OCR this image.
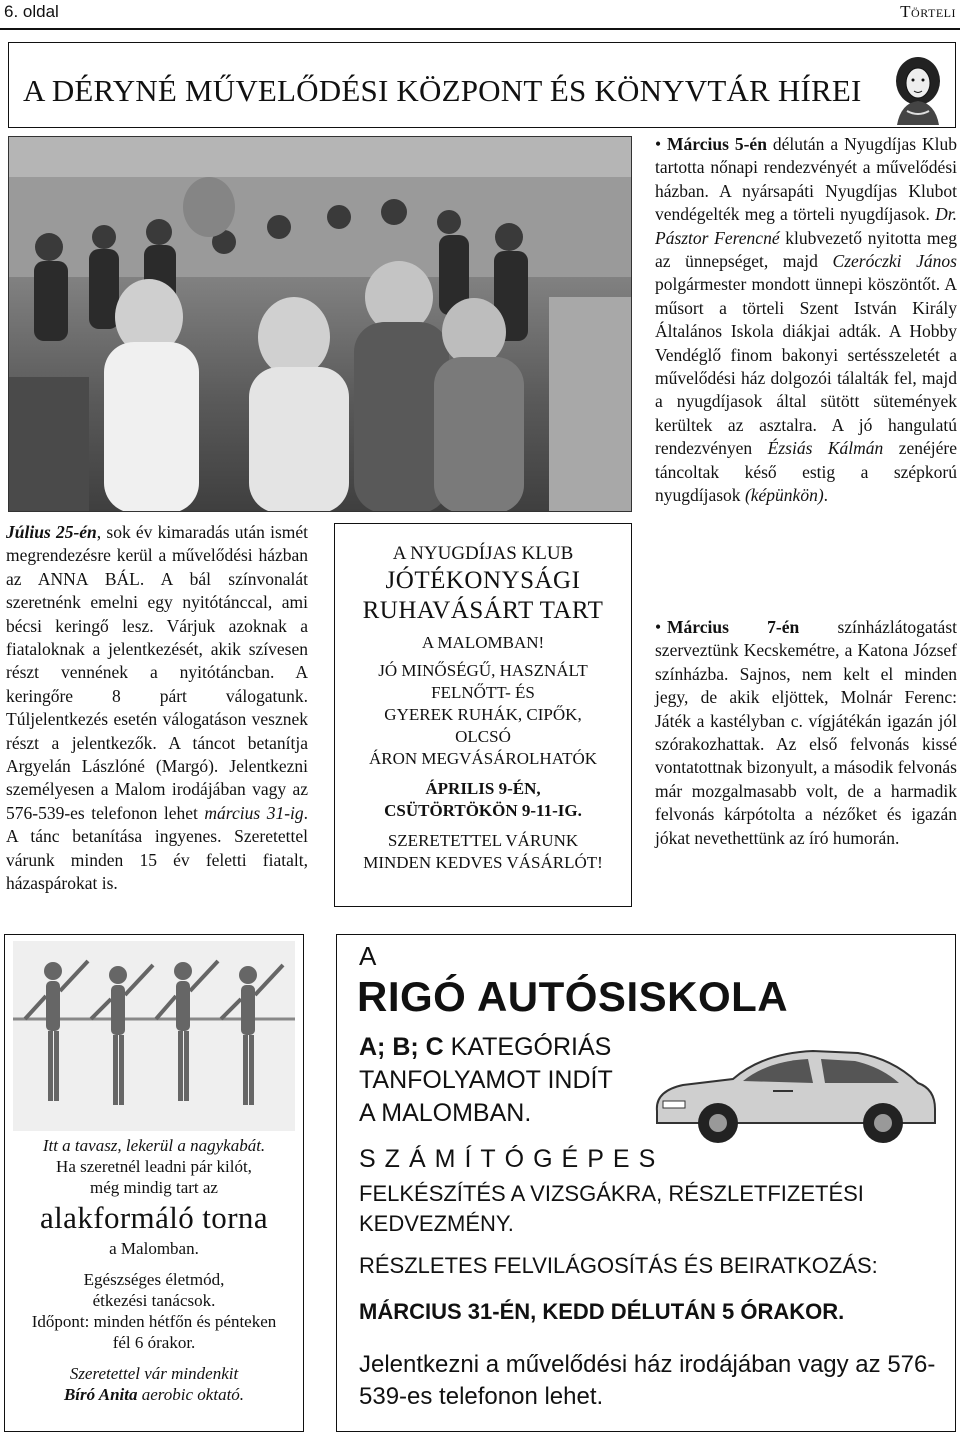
6. oldal	Törteli
A DÉRYNÉ MŰVELŐDÉSI KÖZPONT ÉS KÖNYVTÁR HÍREI
Július 25-én, sok év kimaradás után ismét megrendezésre kerül a művelődési házban az ANNA BÁL. A bál színvonalát szeretnénk emelni egy nyitótánccal, ami bécsi keringő lesz. Várjuk azoknak a fiataloknak a jelentkezését, akik szívesen részt vennének a nyitótáncban. A keringőre 8 párt válogatunk. Túljelentkezés esetén válogatáson vesznek részt a jelentkezők. A táncot betanítja Argyelán Lászlóné (Margó). Jelentkezni személyesen a Malom irodájában vagy az 576-539-es telefonon lehet március 31-ig. A tánc betanítása ingyenes. Szeretettel várunk minden 15 év feletti fiatalt, házaspárokat is.
A NYUGDÍJAS KLUB
JÓTÉKONYSÁGI
RUHAVÁSÁRT TART
A MALOMBAN!
JÓ MINŐSÉGŰ, HASZNÁLT
FELNŐTT- ÉS
GYEREK RUHÁK, CIPŐK,
OLCSÓ
ÁRON MEGVÁSÁROLHATÓK
ÁPRILIS 9-ÉN,
CSÜTÖRTÖKÖN 9-11-IG.
SZERETETTEL VÁRUNK
MINDEN KEDVES VÁSÁRLÓT!
• Március 5-én délután a Nyugdíjas Klub tartotta nőnapi rendezvényét a művelődési házban. A nyársapáti Nyugdíjas Klubot vendégelték meg a törteli nyugdíjasok. Dr. Pásztor Ferencné klubvezető nyitotta meg az ünnepséget, majd Czeróczki János polgármester mondott ünnepi köszöntőt. A műsort a törteli Szent István Király Általános Iskola diákjai adták. A Hobby Vendéglő finom bakonyi sertésszeletét a művelődési ház dolgozói tálalták fel, majd a nyugdíjasok által sütött sütemények kerültek az asztalra. A jó hangulatú rendezvényen Ézsiás Kálmán zenéjére táncoltak késő estig a szépkorú nyugdíjasok (képünkön).
• Március 7-én színházlátogatást szerveztünk Kecskemétre, a Katona József színházba. Sajnos, nem kelt el minden jegy, de akik eljöttek, Molnár Ferenc: Játék a kastélyban c. vígjátékán igazán jól szórakozhattak. Az első felvonás kissé vontatottnak bizonyult, a második felvonás már mozgalmasabb volt, de a harmadik felvonás kárpótolta a nézőket és igazán jókat nevethettünk az író humorán.
Itt a tavasz, lekerül a nagykabát.
Ha szeretnél leadni pár kilót,
még mindig tart az
alakformáló torna
a Malomban.
Egészséges életmód,
étkezési tanácsok.
Időpont: minden hétfőn és pénteken
fél 6 órakor.
Szeretettel vár mindenkit
Bíró Anita aerobic oktató.
A
RIGÓ AUTÓSISKOLA
A; B; C KATEGÓRIÁS
TANFOLYAMOT INDÍT
A MALOMBAN.
SZÁMÍTÓGÉPES
FELKÉSZÍTÉS A VIZSGÁKRA, RÉSZLETFIZETÉSI KEDVEZMÉNY.
RÉSZLETES FELVILÁGOSÍTÁS ÉS BEIRATKOZÁS:
MÁRCIUS 31-ÉN, KEDD DÉLUTÁN 5 ÓRAKOR.
Jelentkezni a művelődési ház irodájában vagy az 576-539-es telefonon lehet.
